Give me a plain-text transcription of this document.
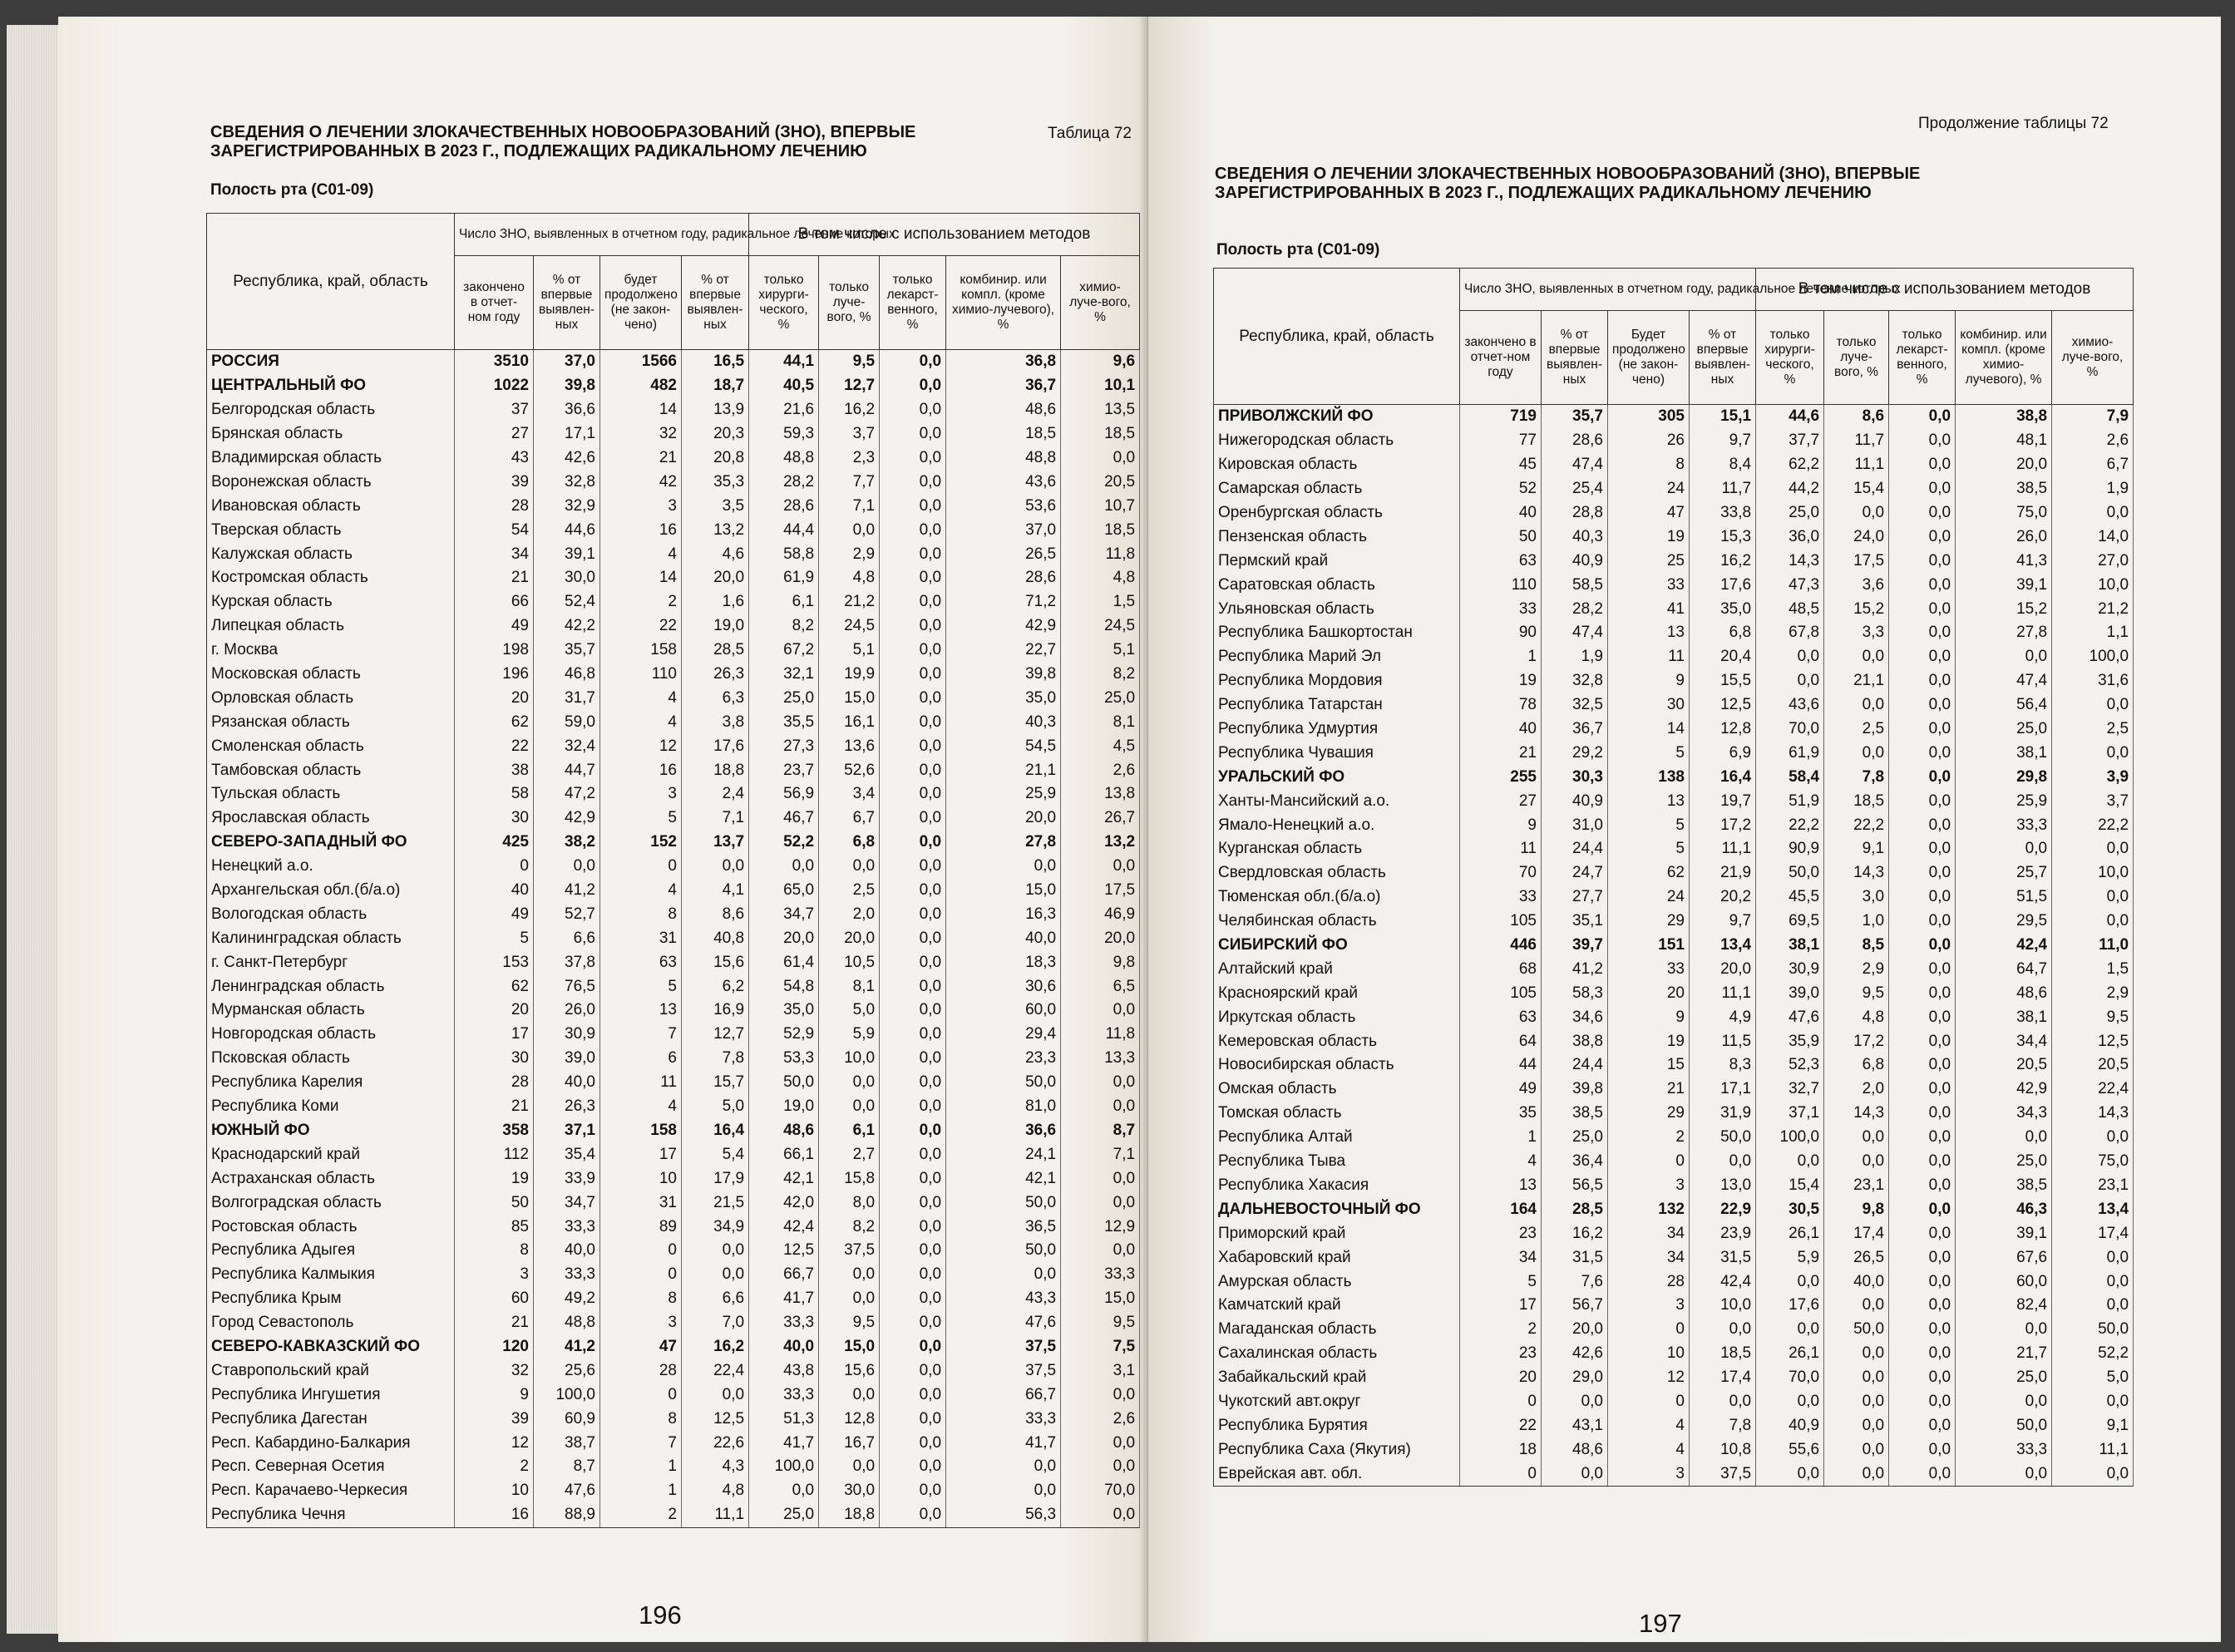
СВЕДЕНИЯ О ЛЕЧЕНИИ ЗЛОКАЧЕСТВЕННЫХ НОВООБРАЗОВАНИЙ (ЗНО), ВПЕРВЫЕ
ЗАРЕГИСТРИРОВАННЫХ В 2023 Г., ПОДЛЕЖАЩИХ РАДИКАЛЬНОМУ ЛЕЧЕНИЮ
Таблица 72
Полость рта (С01-09)
Республика, край, область	Число ЗНО, выявленных в отчетном году, радикальное лечение которых				В том числе с использованием методов				
	закончено в отчет-ном году	% от впервые выявлен-ных	будет продолжено (не закон-чено)	% от впервые выявлен-ных	только хирурги-ческого, %	только луче-вого, %	только лекарст-венного, %	комбинир. или компл. (кроме химио-лучевого), %	химио-луче-вого, %
РОССИЯ	3510	37,0	1566	16,5	44,1	9,5	0,0	36,8	9,6
ЦЕНТРАЛЬНЫЙ ФО	1022	39,8	482	18,7	40,5	12,7	0,0	36,7	10,1
Белгородская область	37	36,6	14	13,9	21,6	16,2	0,0	48,6	13,5
Брянская область	27	17,1	32	20,3	59,3	3,7	0,0	18,5	18,5
Владимирская область	43	42,6	21	20,8	48,8	2,3	0,0	48,8	0,0
Воронежская область	39	32,8	42	35,3	28,2	7,7	0,0	43,6	20,5
Ивановская область	28	32,9	3	3,5	28,6	7,1	0,0	53,6	10,7
Тверская область	54	44,6	16	13,2	44,4	0,0	0,0	37,0	18,5
Калужская область	34	39,1	4	4,6	58,8	2,9	0,0	26,5	11,8
Костромская область	21	30,0	14	20,0	61,9	4,8	0,0	28,6	4,8
Курская область	66	52,4	2	1,6	6,1	21,2	0,0	71,2	1,5
Липецкая область	49	42,2	22	19,0	8,2	24,5	0,0	42,9	24,5
г. Москва	198	35,7	158	28,5	67,2	5,1	0,0	22,7	5,1
Московская область	196	46,8	110	26,3	32,1	19,9	0,0	39,8	8,2
Орловская область	20	31,7	4	6,3	25,0	15,0	0,0	35,0	25,0
Рязанская область	62	59,0	4	3,8	35,5	16,1	0,0	40,3	8,1
Смоленская область	22	32,4	12	17,6	27,3	13,6	0,0	54,5	4,5
Тамбовская область	38	44,7	16	18,8	23,7	52,6	0,0	21,1	2,6
Тульская область	58	47,2	3	2,4	56,9	3,4	0,0	25,9	13,8
Ярославская область	30	42,9	5	7,1	46,7	6,7	0,0	20,0	26,7
СЕВЕРО-ЗАПАДНЫЙ ФО	425	38,2	152	13,7	52,2	6,8	0,0	27,8	13,2
Ненецкий а.о.	0	0,0	0	0,0	0,0	0,0	0,0	0,0	0,0
Архангельская обл.(б/а.о)	40	41,2	4	4,1	65,0	2,5	0,0	15,0	17,5
Вологодская область	49	52,7	8	8,6	34,7	2,0	0,0	16,3	46,9
Калининградская область	5	6,6	31	40,8	20,0	20,0	0,0	40,0	20,0
г. Санкт-Петербург	153	37,8	63	15,6	61,4	10,5	0,0	18,3	9,8
Ленинградская область	62	76,5	5	6,2	54,8	8,1	0,0	30,6	6,5
Мурманская область	20	26,0	13	16,9	35,0	5,0	0,0	60,0	0,0
Новгородская область	17	30,9	7	12,7	52,9	5,9	0,0	29,4	11,8
Псковская область	30	39,0	6	7,8	53,3	10,0	0,0	23,3	13,3
Республика Карелия	28	40,0	11	15,7	50,0	0,0	0,0	50,0	0,0
Республика Коми	21	26,3	4	5,0	19,0	0,0	0,0	81,0	0,0
ЮЖНЫЙ ФО	358	37,1	158	16,4	48,6	6,1	0,0	36,6	8,7
Краснодарский край	112	35,4	17	5,4	66,1	2,7	0,0	24,1	7,1
Астраханская область	19	33,9	10	17,9	42,1	15,8	0,0	42,1	0,0
Волгоградская область	50	34,7	31	21,5	42,0	8,0	0,0	50,0	0,0
Ростовская область	85	33,3	89	34,9	42,4	8,2	0,0	36,5	12,9
Республика Адыгея	8	40,0	0	0,0	12,5	37,5	0,0	50,0	0,0
Республика Калмыкия	3	33,3	0	0,0	66,7	0,0	0,0	0,0	33,3
Республика Крым	60	49,2	8	6,6	41,7	0,0	0,0	43,3	15,0
Город Севастополь	21	48,8	3	7,0	33,3	9,5	0,0	47,6	9,5
СЕВЕРО-КАВКАЗСКИЙ ФО	120	41,2	47	16,2	40,0	15,0	0,0	37,5	7,5
Ставропольский край	32	25,6	28	22,4	43,8	15,6	0,0	37,5	3,1
Республика Ингушетия	9	100,0	0	0,0	33,3	0,0	0,0	66,7	0,0
Республика Дагестан	39	60,9	8	12,5	51,3	12,8	0,0	33,3	2,6
Респ. Кабардино-Балкария	12	38,7	7	22,6	41,7	16,7	0,0	41,7	0,0
Респ. Северная Осетия	2	8,7	1	4,3	100,0	0,0	0,0	0,0	0,0
Респ. Карачаево-Черкесия	10	47,6	1	4,8	0,0	30,0	0,0	0,0	70,0
Республика Чечня	16	88,9	2	11,1	25,0	18,8	0,0	56,3	0,0
196
Продолжение таблицы 72
СВЕДЕНИЯ О ЛЕЧЕНИИ ЗЛОКАЧЕСТВЕННЫХ НОВООБРАЗОВАНИЙ (ЗНО), ВПЕРВЫЕ
ЗАРЕГИСТРИРОВАННЫХ В 2023 Г., ПОДЛЕЖАЩИХ РАДИКАЛЬНОМУ ЛЕЧЕНИЮ
Полость рта (С01-09)
Республика, край, область	Число ЗНО, выявленных в отчетном году, радикальное лечение которых				В том числе с использованием методов				
	закончено в отчет-ном году	% от впервые выявлен-ных	Будет продолжено (не закон-чено)	% от впервые выявлен-ных	только хирурги-ческого, %	только луче-вого, %	только лекарст-венного, %	комбинир. или компл. (кроме химио-лучевого), %	химио-луче-вого, %
ПРИВОЛЖСКИЙ ФО	719	35,7	305	15,1	44,6	8,6	0,0	38,8	7,9
Нижегородская область	77	28,6	26	9,7	37,7	11,7	0,0	48,1	2,6
Кировская область	45	47,4	8	8,4	62,2	11,1	0,0	20,0	6,7
Самарская область	52	25,4	24	11,7	44,2	15,4	0,0	38,5	1,9
Оренбургская область	40	28,8	47	33,8	25,0	0,0	0,0	75,0	0,0
Пензенская область	50	40,3	19	15,3	36,0	24,0	0,0	26,0	14,0
Пермский край	63	40,9	25	16,2	14,3	17,5	0,0	41,3	27,0
Саратовская область	110	58,5	33	17,6	47,3	3,6	0,0	39,1	10,0
Ульяновская область	33	28,2	41	35,0	48,5	15,2	0,0	15,2	21,2
Республика Башкортостан	90	47,4	13	6,8	67,8	3,3	0,0	27,8	1,1
Республика Марий Эл	1	1,9	11	20,4	0,0	0,0	0,0	0,0	100,0
Республика Мордовия	19	32,8	9	15,5	0,0	21,1	0,0	47,4	31,6
Республика Татарстан	78	32,5	30	12,5	43,6	0,0	0,0	56,4	0,0
Республика Удмуртия	40	36,7	14	12,8	70,0	2,5	0,0	25,0	2,5
Республика Чувашия	21	29,2	5	6,9	61,9	0,0	0,0	38,1	0,0
УРАЛЬСКИЙ ФО	255	30,3	138	16,4	58,4	7,8	0,0	29,8	3,9
Ханты-Мансийский а.о.	27	40,9	13	19,7	51,9	18,5	0,0	25,9	3,7
Ямало-Ненецкий а.о.	9	31,0	5	17,2	22,2	22,2	0,0	33,3	22,2
Курганская область	11	24,4	5	11,1	90,9	9,1	0,0	0,0	0,0
Свердловская область	70	24,7	62	21,9	50,0	14,3	0,0	25,7	10,0
Тюменская обл.(б/а.о)	33	27,7	24	20,2	45,5	3,0	0,0	51,5	0,0
Челябинская область	105	35,1	29	9,7	69,5	1,0	0,0	29,5	0,0
СИБИРСКИЙ ФО	446	39,7	151	13,4	38,1	8,5	0,0	42,4	11,0
Алтайский край	68	41,2	33	20,0	30,9	2,9	0,0	64,7	1,5
Красноярский край	105	58,3	20	11,1	39,0	9,5	0,0	48,6	2,9
Иркутская область	63	34,6	9	4,9	47,6	4,8	0,0	38,1	9,5
Кемеровская область	64	38,8	19	11,5	35,9	17,2	0,0	34,4	12,5
Новосибирская область	44	24,4	15	8,3	52,3	6,8	0,0	20,5	20,5
Омская область	49	39,8	21	17,1	32,7	2,0	0,0	42,9	22,4
Томская область	35	38,5	29	31,9	37,1	14,3	0,0	34,3	14,3
Республика Алтай	1	25,0	2	50,0	100,0	0,0	0,0	0,0	0,0
Республика Тыва	4	36,4	0	0,0	0,0	0,0	0,0	25,0	75,0
Республика Хакасия	13	56,5	3	13,0	15,4	23,1	0,0	38,5	23,1
ДАЛЬНЕВОСТОЧНЫЙ ФО	164	28,5	132	22,9	30,5	9,8	0,0	46,3	13,4
Приморский край	23	16,2	34	23,9	26,1	17,4	0,0	39,1	17,4
Хабаровский край	34	31,5	34	31,5	5,9	26,5	0,0	67,6	0,0
Амурская область	5	7,6	28	42,4	0,0	40,0	0,0	60,0	0,0
Камчатский край	17	56,7	3	10,0	17,6	0,0	0,0	82,4	0,0
Магаданская область	2	20,0	0	0,0	0,0	50,0	0,0	0,0	50,0
Сахалинская область	23	42,6	10	18,5	26,1	0,0	0,0	21,7	52,2
Забайкальский край	20	29,0	12	17,4	70,0	0,0	0,0	25,0	5,0
Чукотский авт.округ	0	0,0	0	0,0	0,0	0,0	0,0	0,0	0,0
Республика Бурятия	22	43,1	4	7,8	40,9	0,0	0,0	50,0	9,1
Республика Саха (Якутия)	18	48,6	4	10,8	55,6	0,0	0,0	33,3	11,1
Еврейская авт. обл.	0	0,0	3	37,5	0,0	0,0	0,0	0,0	0,0
197
